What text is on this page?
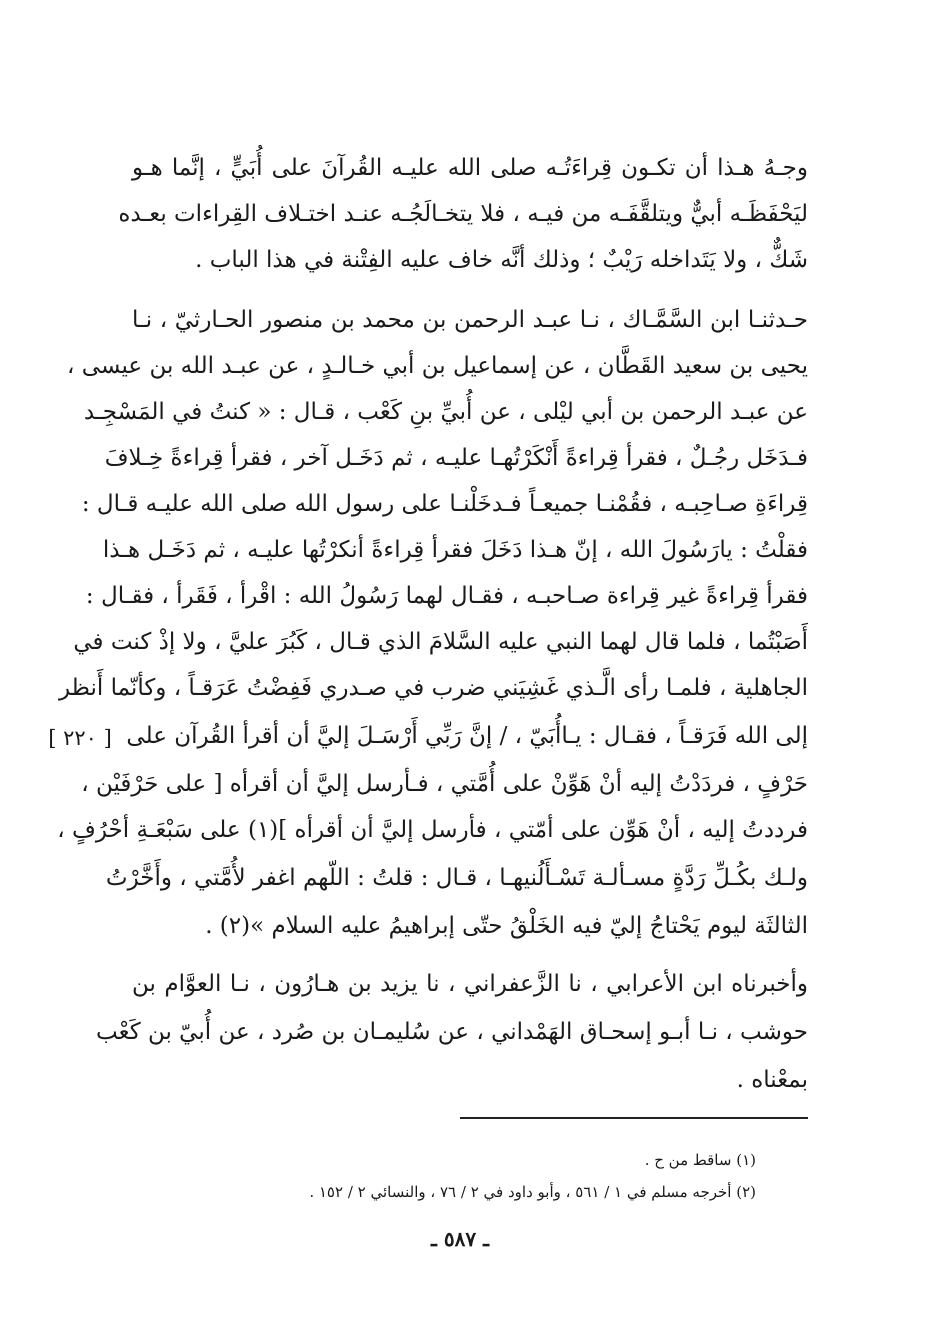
وجـهُ هـذا أن تكـون قِراءَتُـه صلى الله عليـه القُرآنَ على أُبَيٍّ ، إنَّما هـو
ليَحْفَظَـه أبيٌّ ويتلقَّفَـه من فيـه ، فلا يتخـالَجُـه عنـد اختـلاف القِراءات بعـده
شَكٌّ ، ولا يَتَداخله رَيْبٌ ؛ وذلك أنَّه خاف عليه الفِتْنة في هذا الباب .
حـدثنـا ابن السَّمَّـاك ، نـا عبـد الرحمن بن محمد بن منصور الحـارثيّ ، نـا
يحيى بن سعيد القَطَّان ، عن إسماعيل بن أبي خـالـدٍ ، عن عبـد الله بن عيسى ،
عن عبـد الرحمن بن أبي ليْلى ، عن أُبيِّ بنِ كَعْب ، قـال : « كنتُ في المَسْجِـد
فـدَخَل رجُـلٌ ، فقرأ قِراءةً أَنْكَرْتُهـا عليـه ، ثم دَخَـل آخر ، فقرأ قِراءةً خِـلافَ
قِراءَةِ صـاحِبـه ، فقُمْنـا جميعـاً فـدخَلْنـا على رسول الله صلى الله عليـه قـال :
فقلْتُ : يارَسُولَ الله ، إنّ هـذا دَخَلَ فقرأ قِراءةً أنكرْتُها عليـه ، ثم دَخَـل هـذا
فقرأ قِراءةً غير قِراءة صـاحبـه ، فقـال لهما رَسُولُ الله : اقْرأ ، فَقَرأ ، فقـال :
أَصَبْتُما ، فلما قال لهما النبي عليه السَّلامَ الذي قـال ، كَبُرَ عليَّ ، ولا إذْ كنت في
الجاهلية ، فلمـا رأى الَّـذي غَشِيَني ضرب في صـدري فَفِضْتُ عَرَقـاً ، وكأنّما أَنظر
إلى الله فَرَقـاً ، فقـال : يـاأُبَيّ ، / إنَّ رَبِّي أَرْسَـلَ إليَّ أن أقرأ القُرآن على
حَرْفٍ ، فردَدْتُ إليه أنْ هَوِّنْ على أُمَّتي ، فـأرسل إليَّ أن أقرأه [ على حَرْفَيْن ،
فرددتُ إليه ، أنْ هَوِّن على أمّتي ، فأرسل إليَّ أن أقرأه ](١) على سَبْعَـةِ أحْرُفٍ ،
ولـك بكُـلِّ رَدَّةٍ مسـألـة تَسْـأَلُنيهـا ، قـال : قلتُ : اللّهم اغفر لأُمَّتي ، وأَخَّرْتُ
الثالثَة ليوم يَحْتاجُ إليّ فيه الخَلْقُ حتّى إبراهيمُ عليه السلام »(٢) .
وأخبرناه ابن الأعرابي ، نا الزَّعفراني ، نا يزيد بن هـارُون ، نـا العوَّام بن
حوشب ، نـا أبـو إسحـاق الهَمْداني ، عن سُليمـان بن صُرد ، عن أُبيّ بن كَعْب
بمعْناه .
[ ٢٢٠ ]
(١) ساقط من ح .
(٢) أخرجه مسلم في ١ / ٥٦١ ، وأبو داود في ٢ / ٧٦ ، والنسائي ٢ / ١٥٢ .
ـ ٥٨٧ ـ
